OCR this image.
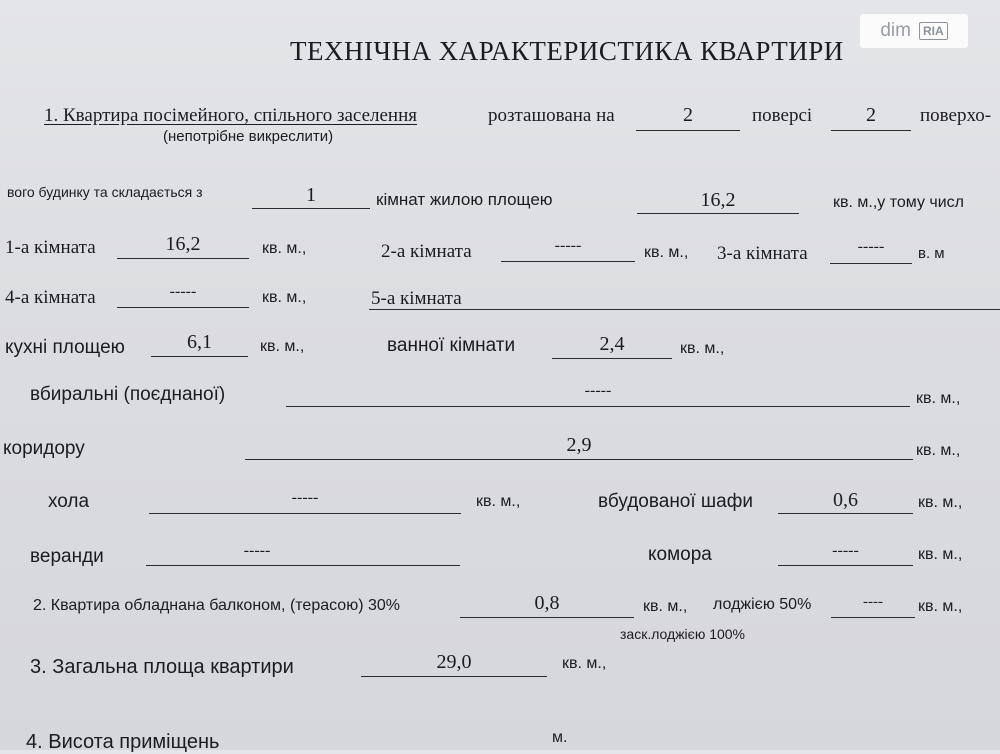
dim	RIA
ТЕХНІЧНА ХАРАКТЕРИСТИКА КВАРТИРИ
1. Квартира посімейного, спільного заселення	розташована на	2	поверсі	2	поверхо-
(непотрібне викреслити)
вого будинку та складається з	1	кімнат жилою площею	16,2	кв. м.,у тому числ
1-а кімната	16,2	кв. м.,	2-а кімната	-----	кв. м., 3-а кімната	-----	в. м
4-а кімната	-----	кв. м.,	5-а кімната
кухні площею	6,1	кв. м.,	ванної кімнати	2,4	кв. м.,
вбиральні (поєднаної)	-----	кв. м.,
коридору	2,9	кв. м.,
хола	-----	кв. м.,	вбудованої шафи	0,6	кв. м.,
веранди	-----	комора	-----	кв. м.,
2. Квартира обладнана балконом, (терасою) 30%	0,8	кв. м., лоджією 50%	----	кв. м.,
заск.лоджією 100%
3. Загальна площа квартири	29,0	кв. м.,
4. Висота приміщень	м.
